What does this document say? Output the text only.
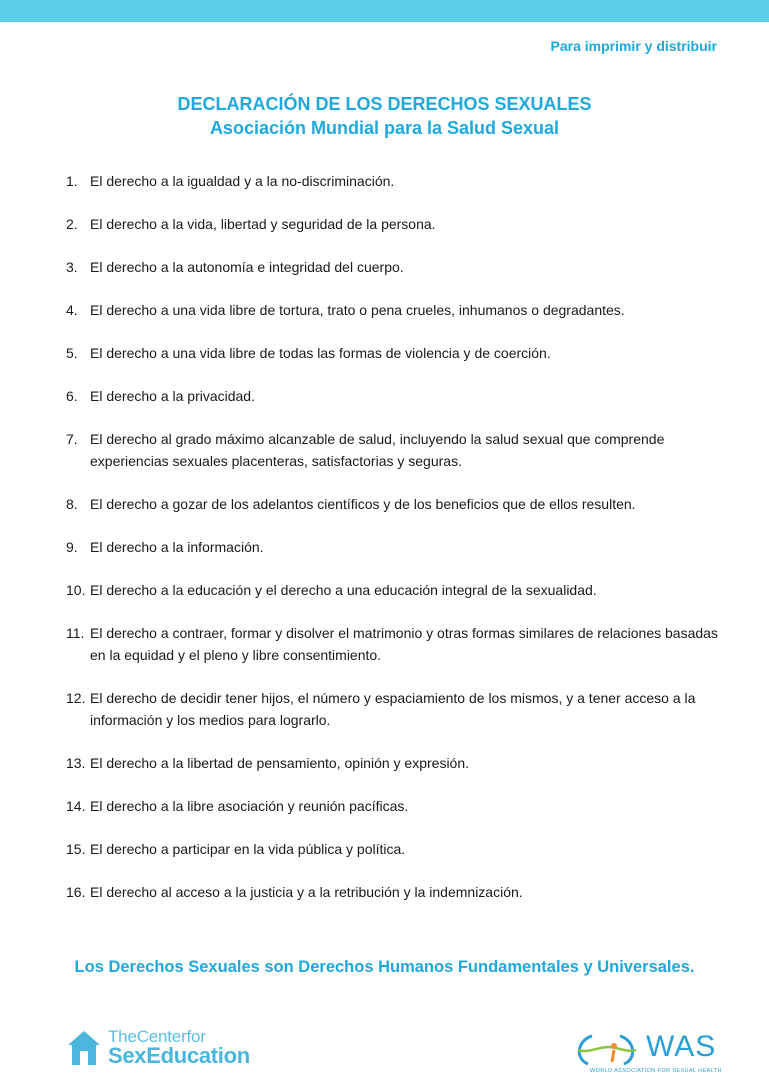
Para imprimir y distribuir
DECLARACIÓN DE LOS DERECHOS SEXUALES
Asociación Mundial para la Salud Sexual
1. El derecho a la igualdad y a la no-discriminación.
2. El derecho a la vida, libertad y seguridad de la persona.
3. El derecho a la autonomía e integridad del cuerpo.
4. El derecho a una vida libre de tortura, trato o pena crueles, inhumanos o degradantes.
5. El derecho a una vida libre de todas las formas de violencia y de coerción.
6. El derecho a la privacidad.
7. El derecho al grado máximo alcanzable de salud, incluyendo la salud sexual que comprende experiencias sexuales placenteras, satisfactorias y seguras.
8. El derecho a gozar de los adelantos científicos y de los beneficios que de ellos resulten.
9. El derecho a la información.
10. El derecho a la educación y el derecho a una educación integral de la sexualidad.
11. El derecho a contraer, formar y disolver el matrimonio y otras formas similares de relaciones basadas en la equidad y el pleno y libre consentimiento.
12. El derecho de decidir tener hijos, el número y espaciamiento de los mismos, y a tener acceso a la información y los medios para lograrlo.
13. El derecho a la libertad de pensamiento, opinión y expresión.
14. El derecho a la libre asociación y reunión pacíficas.
15. El derecho a participar en la vida pública y política.
16. El derecho al acceso a la justicia y a la retribución y la indemnización.
Los Derechos Sexuales son Derechos Humanos Fundamentales y Universales.
TheCenterfor
SexEducation	WAS
WORLD ASSOCIATION FOR SEXUAL HEALTH
